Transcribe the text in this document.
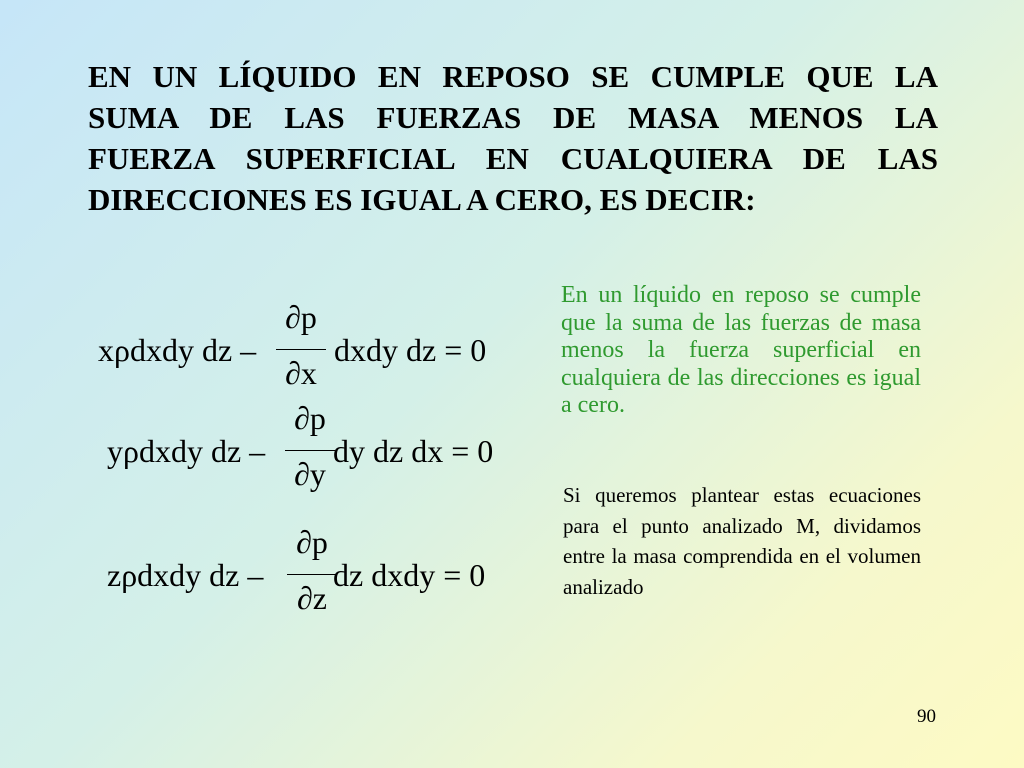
EN UN LÍQUIDO EN REPOSO SE CUMPLE QUE LA
SUMA DE LAS FUERZAS DE MASA MENOS LA
FUERZA SUPERFICIAL EN CUALQUIERA DE LAS
DIRECCIONES ES IGUAL A CERO, ES DECIR:
xρdxdy dz –
∂p
∂x
dxdy dz = 0
yρdxdy dz –
∂p
∂y
dy dz dx = 0
zρdxdy dz –
∂p
∂z
dz dxdy = 0

En un líquido en reposo se cumple que la suma de las fuerzas de masa menos la fuerza superficial en cualquiera de las direcciones es igual a cero.

Si queremos plantear estas ecuaciones para el punto analizado M, dividamos entre la masa comprendida en el volumen analizado

90
